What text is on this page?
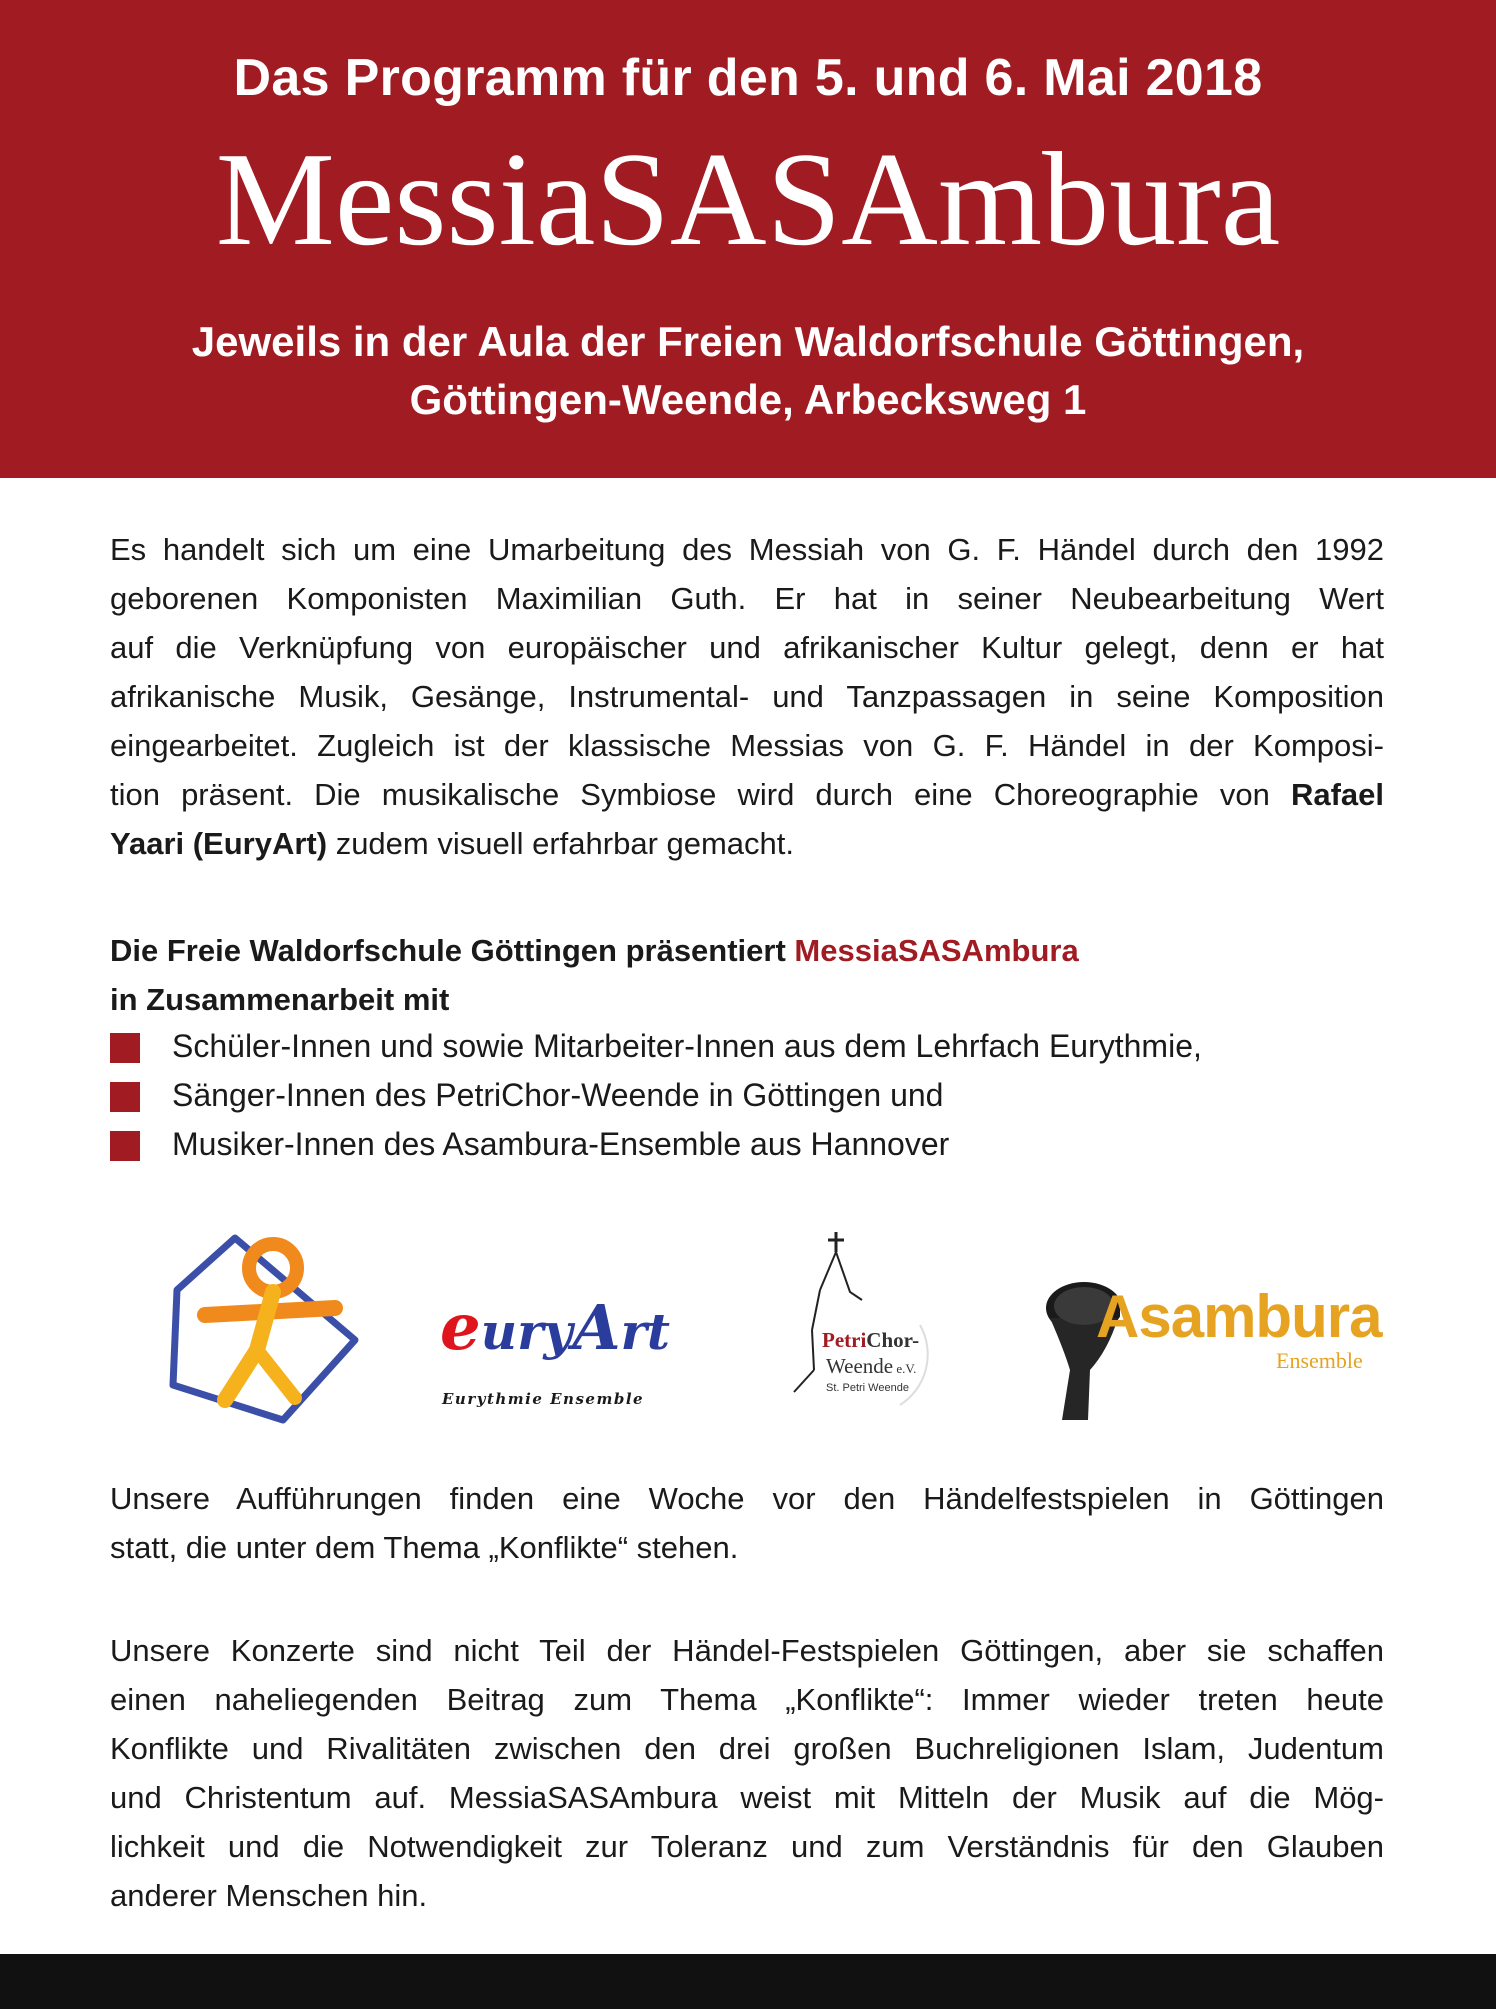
Das Programm für den 5. und 6. Mai 2018
MessiaSASAmbura
Jeweils in der Aula der Freien Waldorfschule Göttingen,
Göttingen-Weende, Arbecksweg 1
Es handelt sich um eine Umarbeitung des Messiah von G. F. Händel durch den 1992
geborenen Komponisten Maximilian Guth. Er hat in seiner Neubearbeitung Wert
auf die Verknüpfung von europäischer und afrikanischer Kultur gelegt, denn er hat
afrikanische Musik, Gesänge, Instrumental- und Tanzpassagen in seine Komposition
eingearbeitet. Zugleich ist der klassische Messias von G. F. Händel in der Komposi-
tion präsent. Die musikalische Symbiose wird durch eine Choreographie von Rafael
Yaari (EuryArt) zudem visuell erfahrbar gemacht.
Die Freie Waldorfschule Göttingen präsentiert MessiaSASAmbura
in Zusammenarbeit mit
Schüler-Innen und sowie Mitarbeiter-Innen aus dem Lehrfach Eurythmie,
Sänger-Innen des PetriChor-Weende in Göttingen und
Musiker-Innen des Asambura-Ensemble aus Hannover
euryArt
Eurythmie Ensemble
PetriChor-
Weende e.V.
St. Petri Weende
Asambura
Ensemble
Unsere Aufführungen finden eine Woche vor den Händelfestspielen in Göttingen
statt, die unter dem Thema „Konflikte“ stehen.
Unsere Konzerte sind nicht Teil der Händel-Festspielen Göttingen, aber sie schaffen
einen naheliegenden Beitrag zum Thema „Konflikte“: Immer wieder treten heute
Konflikte und Rivalitäten zwischen den drei großen Buchreligionen Islam, Judentum
und Christentum auf. MessiaSASAmbura weist mit Mitteln der Musik auf die Mög-
lichkeit und die Notwendigkeit zur Toleranz und zum Verständnis für den Glauben
anderer Menschen hin.
